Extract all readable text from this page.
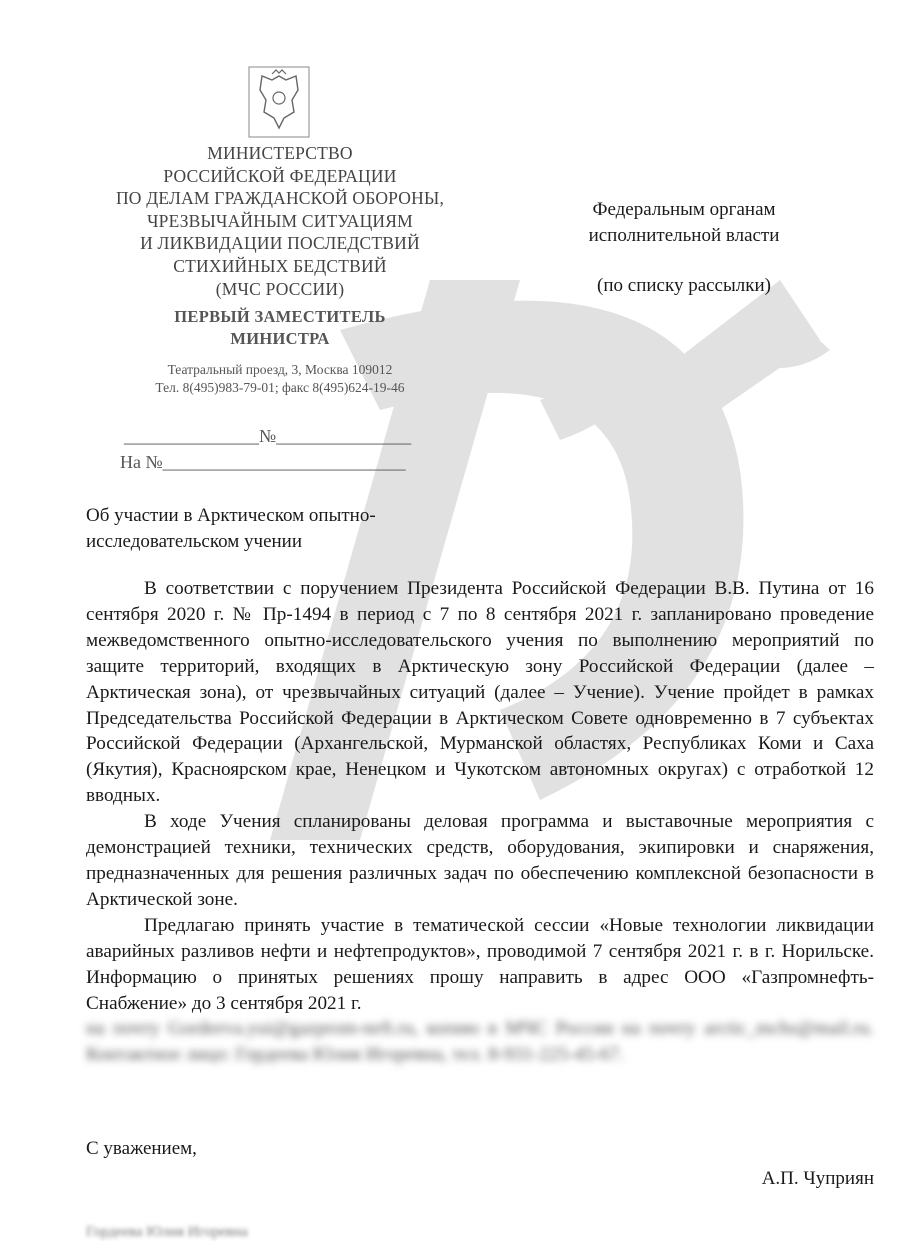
МИНИСТЕРСТВО
РОССИЙСКОЙ ФЕДЕРАЦИИ
ПО ДЕЛАМ ГРАЖДАНСКОЙ ОБОРОНЫ,
ЧРЕЗВЫЧАЙНЫМ СИТУАЦИЯМ
И ЛИКВИДАЦИИ ПОСЛЕДСТВИЙ
СТИХИЙНЫХ БЕДСТВИЙ
(МЧС РОССИИ)
ПЕРВЫЙ ЗАМЕСТИТЕЛЬ
МИНИСТРА
Театральный проезд, 3, Москва 109012
Тел. 8(495)983-79-01; факс 8(495)624-19-46
_______________№_______________
На №___________________________
Федеральным органам
исполнительной власти
(по списку рассылки)
Об участии в Арктическом опытно-
исследовательском учении

В соответствии с поручением Президента Российской Федерации В.В. Путина от 16 сентября 2020 г. № Пр-1494 в период с 7 по 8 сентября 2021 г. запланировано проведение межведомственного опытно-исследовательского учения по выполнению мероприятий по защите территорий, входящих в Арктическую зону Российской Федерации (далее – Арктическая зона), от чрезвычайных ситуаций (далее – Учение). Учение пройдет в рамках Председательства Российской Федерации в Арктическом Совете одновременно в 7 субъектах Российской Федерации (Архангельской, Мурманской областях, Республиках Коми и Саха (Якутия), Красноярском крае, Ненецком и Чукотском автономных округах) с отработкой 12 вводных.

В ходе Учения спланированы деловая программа и выставочные мероприятия с демонстрацией техники, технических средств, оборудования, экипировки и снаряжения, предназначенных для решения различных задач по обеспечению комплексной безопасности в Арктической зоне.

Предлагаю принять участие в тематической сессии «Новые технологии ликвидации аварийных разливов нефти и нефтепродуктов», проводимой 7 сентября 2021 г. в г. Норильске. Информацию о принятых решениях прошу направить в адрес ООО «Газпромнефть-Снабжение» до 3 сентября 2021 г.

на почту Gordeeva.yui@gazprom-neft.ru, копию в МЧС России на почту arctic_mchs@mail.ru. Контактное лицо: Гордеева Юлия Игоревна, тел. 8-931-225-45-67.

С уважением,
А.П. Чуприян
Гордеева Юлия Игоревна
